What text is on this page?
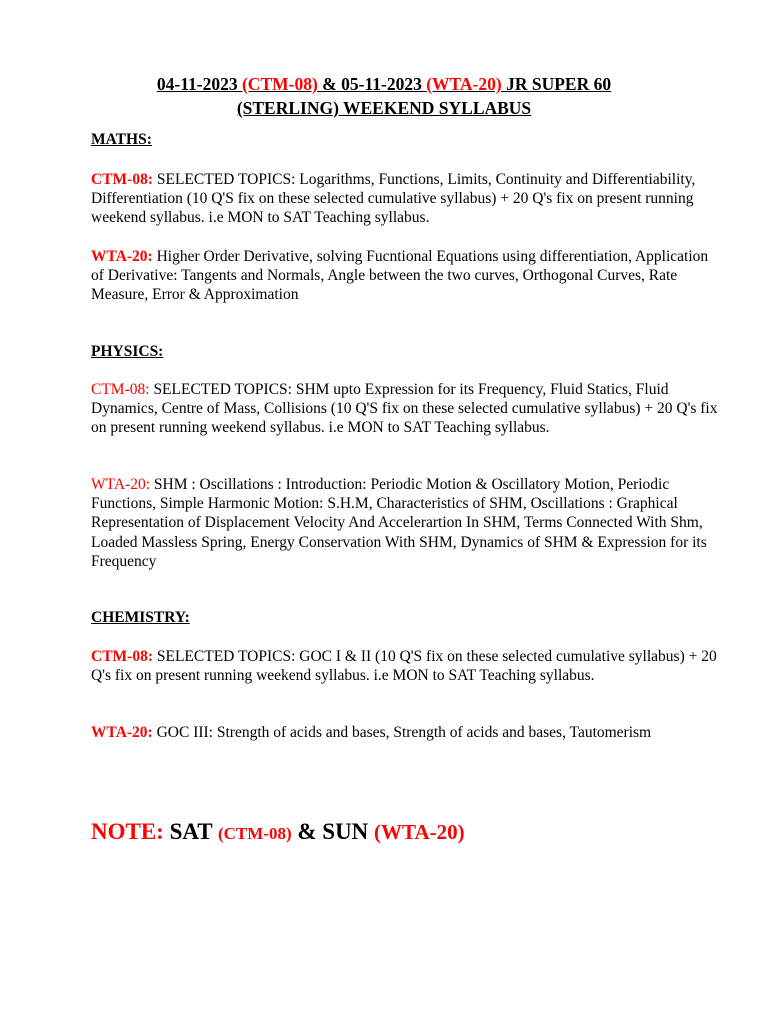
04-11-2023 (CTM-08) & 05-11-2023 (WTA-20) JR SUPER 60
(STERLING) WEEKEND SYLLABUS
MATHS:
CTM-08: SELECTED TOPICS: Logarithms, Functions, Limits, Continuity and Differentiability, Differentiation (10 Q'S fix on these selected cumulative syllabus) + 20 Q's fix on present running weekend syllabus. i.e MON to SAT Teaching syllabus.
WTA-20: Higher Order Derivative, solving Fucntional Equations using differentiation, Application of Derivative: Tangents and Normals, Angle between the two curves, Orthogonal Curves, Rate Measure, Error & Approximation
PHYSICS:
CTM-08: SELECTED TOPICS: SHM upto Expression for its Frequency, Fluid Statics, Fluid Dynamics, Centre of Mass, Collisions (10 Q'S fix on these selected cumulative syllabus) + 20 Q's fix on present running weekend syllabus. i.e MON to SAT Teaching syllabus.
WTA-20: SHM : Oscillations : Introduction: Periodic Motion & Oscillatory Motion, Periodic Functions, Simple Harmonic Motion: S.H.M, Characteristics of SHM, Oscillations : Graphical Representation of Displacement Velocity And Accelerartion In SHM, Terms Connected With Shm, Loaded Massless Spring, Energy Conservation With SHM, Dynamics of SHM & Expression for its Frequency
CHEMISTRY:
CTM-08: SELECTED TOPICS: GOC I & II (10 Q'S fix on these selected cumulative syllabus) + 20 Q's fix on present running weekend syllabus. i.e MON to SAT Teaching syllabus.
WTA-20: GOC III: Strength of acids and bases, Strength of acids and bases, Tautomerism
NOTE: SAT (CTM-08) & SUN (WTA-20)
